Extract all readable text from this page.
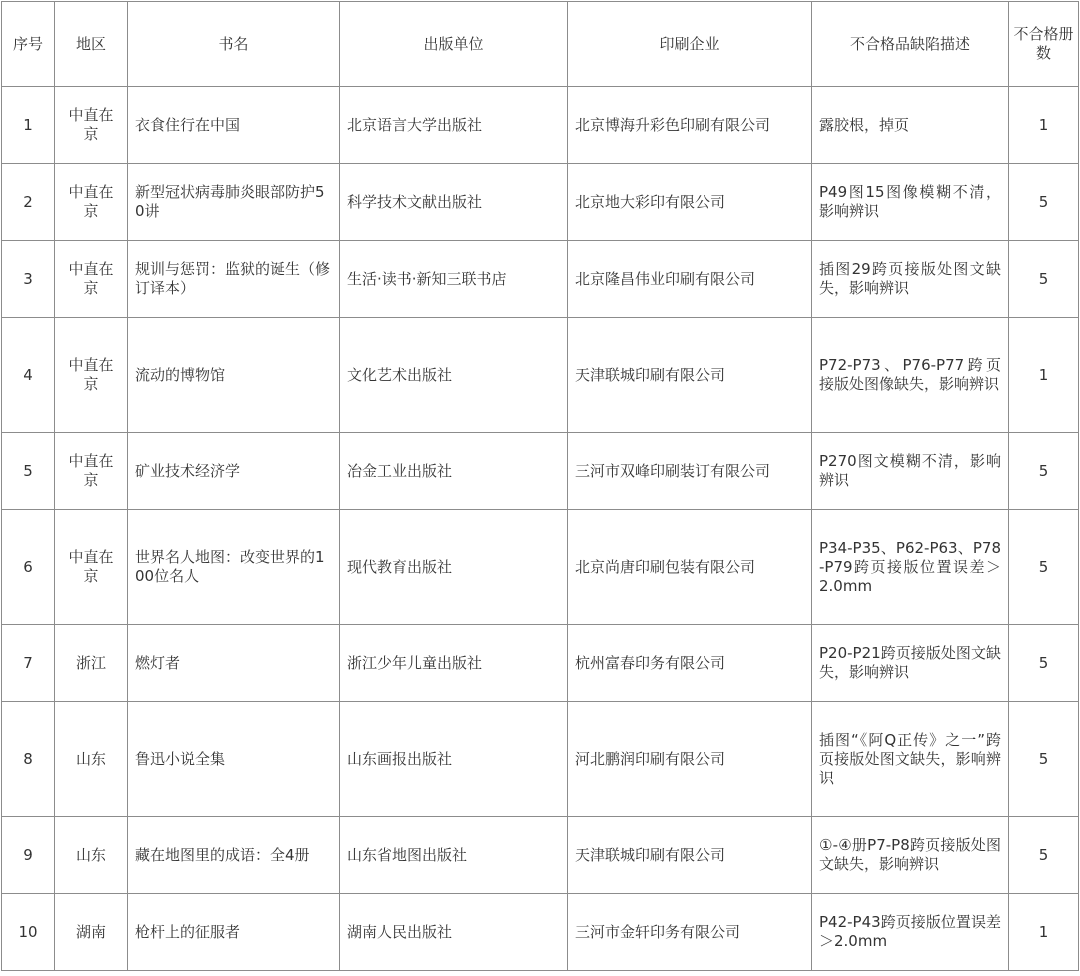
序号	地区	书名	出版单位	印刷企业	不合格品缺陷描述	不合格册数
1	中直在京	衣食住行在中国	北京语言大学出版社	北京博海升彩色印刷有限公司	露胶根，掉页	1
2	中直在京	新型冠状病毒肺炎眼部防护50讲	科学技术文献出版社	北京地大彩印有限公司	P49图15图像模糊不清，影响辨识	5
3	中直在京	规训与惩罚：监狱的诞生（修订译本）	生活·读书·新知三联书店	北京隆昌伟业印刷有限公司	插图29跨页接版处图文缺失，影响辨识	5
4	中直在京	流动的博物馆	文化艺术出版社	天津联城印刷有限公司	P72-P73、P76-P77跨页接版处图像缺失，影响辨识	1
5	中直在京	矿业技术经济学	冶金工业出版社	三河市双峰印刷装订有限公司	P270图文模糊不清，影响辨识	5
6	中直在京	世界名人地图：改变世界的100位名人	现代教育出版社	北京尚唐印刷包装有限公司	P34-P35、P62-P63、P78-P79跨页接版位置误差＞2.0mm	5
7	浙江	燃灯者	浙江少年儿童出版社	杭州富春印务有限公司	P20-P21跨页接版处图文缺失，影响辨识	5
8	山东	鲁迅小说全集	山东画报出版社	河北鹏润印刷有限公司	插图“《阿Q正传》之一”跨页接版处图文缺失，影响辨识	5
9	山东	藏在地图里的成语：全4册	山东省地图出版社	天津联城印刷有限公司	①-④册P7-P8跨页接版处图文缺失，影响辨识	5
10	湖南	枪杆上的征服者	湖南人民出版社	三河市金轩印务有限公司	P42-P43跨页接版位置误差＞2.0mm	1
